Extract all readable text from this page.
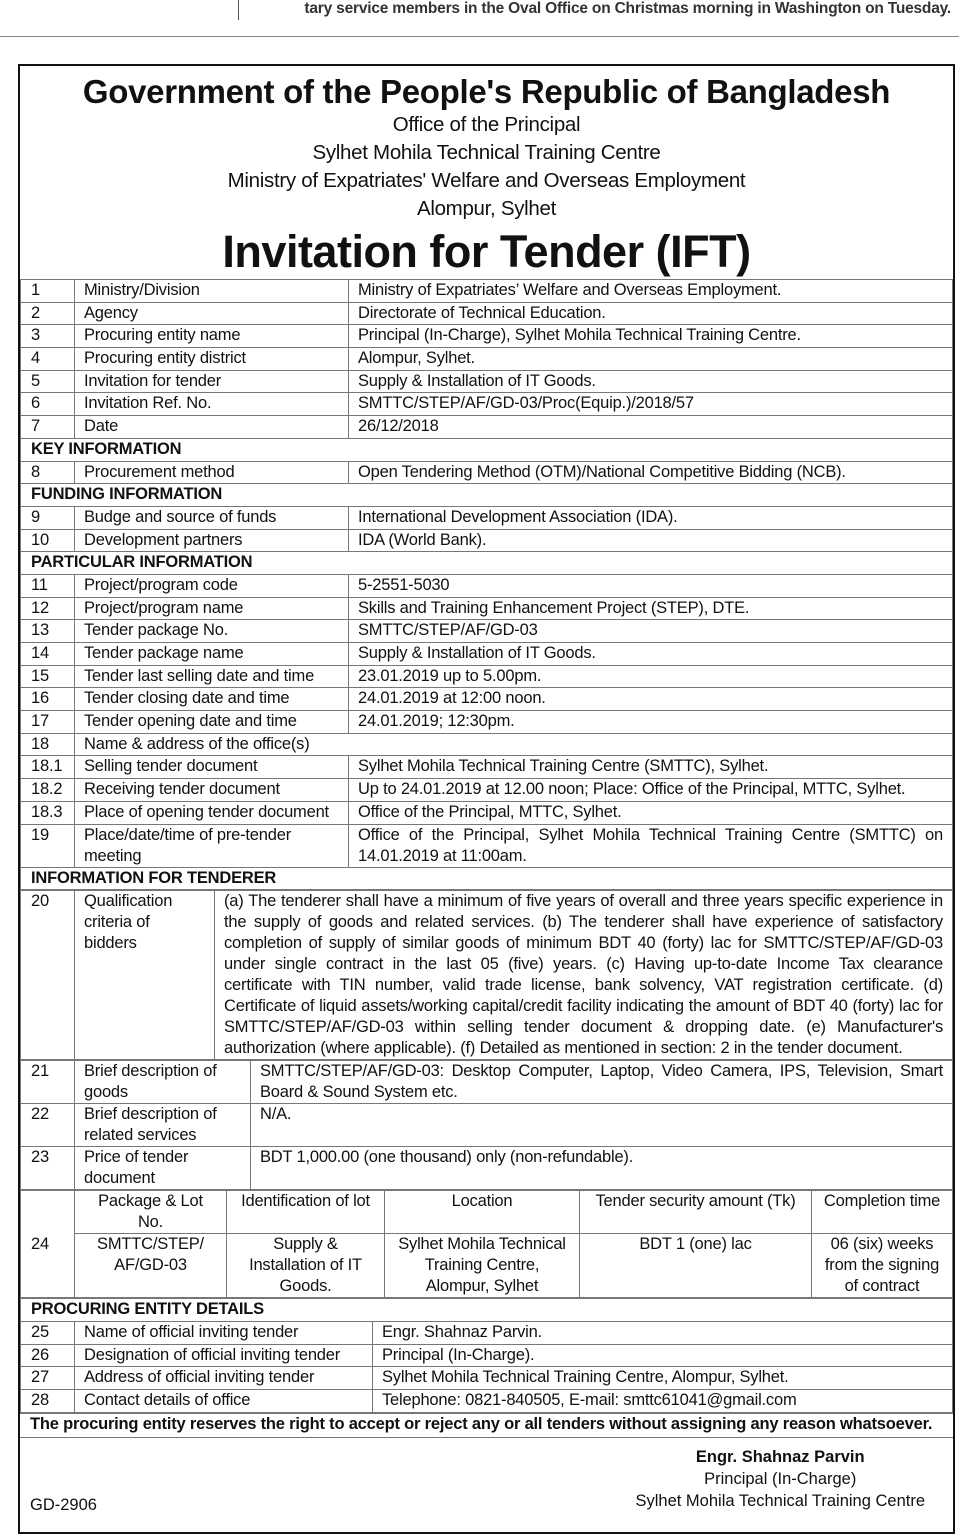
tary service members in the Oval Office on Christmas morning in Washington on Tuesday.
Government of the People's Republic of Bangladesh
Office of the Principal
Sylhet Mohila Technical Training Centre
Ministry of Expatriates' Welfare and Overseas Employment
Alompur, Sylhet
Invitation for Tender (IFT)
1	Ministry/Division	Ministry of Expatriates’ Welfare and Overseas Employment.
2	Agency	Directorate of Technical Education.
3	Procuring entity name	Principal (In-Charge), Sylhet Mohila Technical Training Centre.
4	Procuring entity district	Alompur, Sylhet.
5	Invitation for tender	Supply & Installation of IT Goods.
6	Invitation Ref. No.	SMTTC/STEP/AF/GD-03/Proc(Equip.)/2018/57
7	Date	26/12/2018
KEY INFORMATION		
8	Procurement method	Open Tendering Method (OTM)/National Competitive Bidding (NCB).
FUNDING INFORMATION		
9	Budge and source of funds	International Development Association (IDA).
10	Development partners	IDA (World Bank).
PARTICULAR INFORMATION		
11	Project/program code	5-2551-5030
12	Project/program name	Skills and Training Enhancement Project (STEP), DTE.
13	Tender package No.	SMTTC/STEP/AF/GD-03
14	Tender package name	Supply & Installation of IT Goods.
15	Tender last selling date and time	23.01.2019 up to 5.00pm.
16	Tender closing date and time	24.01.2019 at 12:00 noon.
17	Tender opening date and time	24.01.2019; 12:30pm.
18	Name & address of the office(s)	
18.1	Selling tender document	Sylhet Mohila Technical Training Centre (SMTTC), Sylhet.
18.2	Receiving tender document	Up to 24.01.2019 at 12.00 noon; Place: Office of the Principal, MTTC, Sylhet.
18.3	Place of opening tender document	Office of the Principal, MTTC, Sylhet.
19	Place/date/time of pre-tender meeting	Office of the Principal, Sylhet Mohila Technical Training Centre (SMTTC) on 14.01.2019 at 11:00am.
INFORMATION FOR TENDERER		
20	Qualification criteria of bidders	(a) The tenderer shall have a minimum of five years of overall and three years specific experience in the supply of goods and related services. (b) The tenderer shall have experience of satisfactory completion of supply of similar goods of minimum BDT 40 (forty) lac for SMTTC/STEP/AF/GD-03 under single contract in the last 05 (five) years. (c) Having up-to-date Income Tax clearance certificate with TIN number, valid trade license, bank solvency, VAT registration certificate. (d) Certificate of liquid assets/working capital/credit facility indicating the amount of BDT 40 (forty) lac for SMTTC/STEP/AF/GD-03 within selling tender document & dropping date. (e) Manufacturer's authorization (where applicable). (f) Detailed as mentioned in section: 2 in the tender document.
21	Brief description of goods	SMTTC/STEP/AF/GD-03: Desktop Computer, Laptop, Video Camera, IPS, Television, Smart Board & Sound System etc.
22	Brief description of related services	N/A.
23	Price of tender document	BDT 1,000.00 (one thousand) only (non-refundable).
24	Package & Lot No.	Identification of lot	Location	Tender security amount (Tk)	Completion time
	SMTTC/STEP/ AF/GD-03	Supply & Installation of IT Goods.	Sylhet Mohila Technical Training Centre, Alompur, Sylhet	BDT 1 (one) lac	06 (six) weeks from the signing of contract
PROCURING ENTITY DETAILS		
25	Name of official inviting tender	Engr. Shahnaz Parvin.
26	Designation of official inviting tender	Principal (In-Charge).
27	Address of official inviting tender	Sylhet Mohila Technical Training Centre, Alompur, Sylhet.
28	Contact details of office	Telephone: 0821-840505, E-mail: smttc61041@gmail.com
The procuring entity reserves the right to accept or reject any or all tenders without assigning any reason whatsoever.
GD-2906
Engr. Shahnaz Parvin
Principal (In-Charge)
Sylhet Mohila Technical Training Centre
